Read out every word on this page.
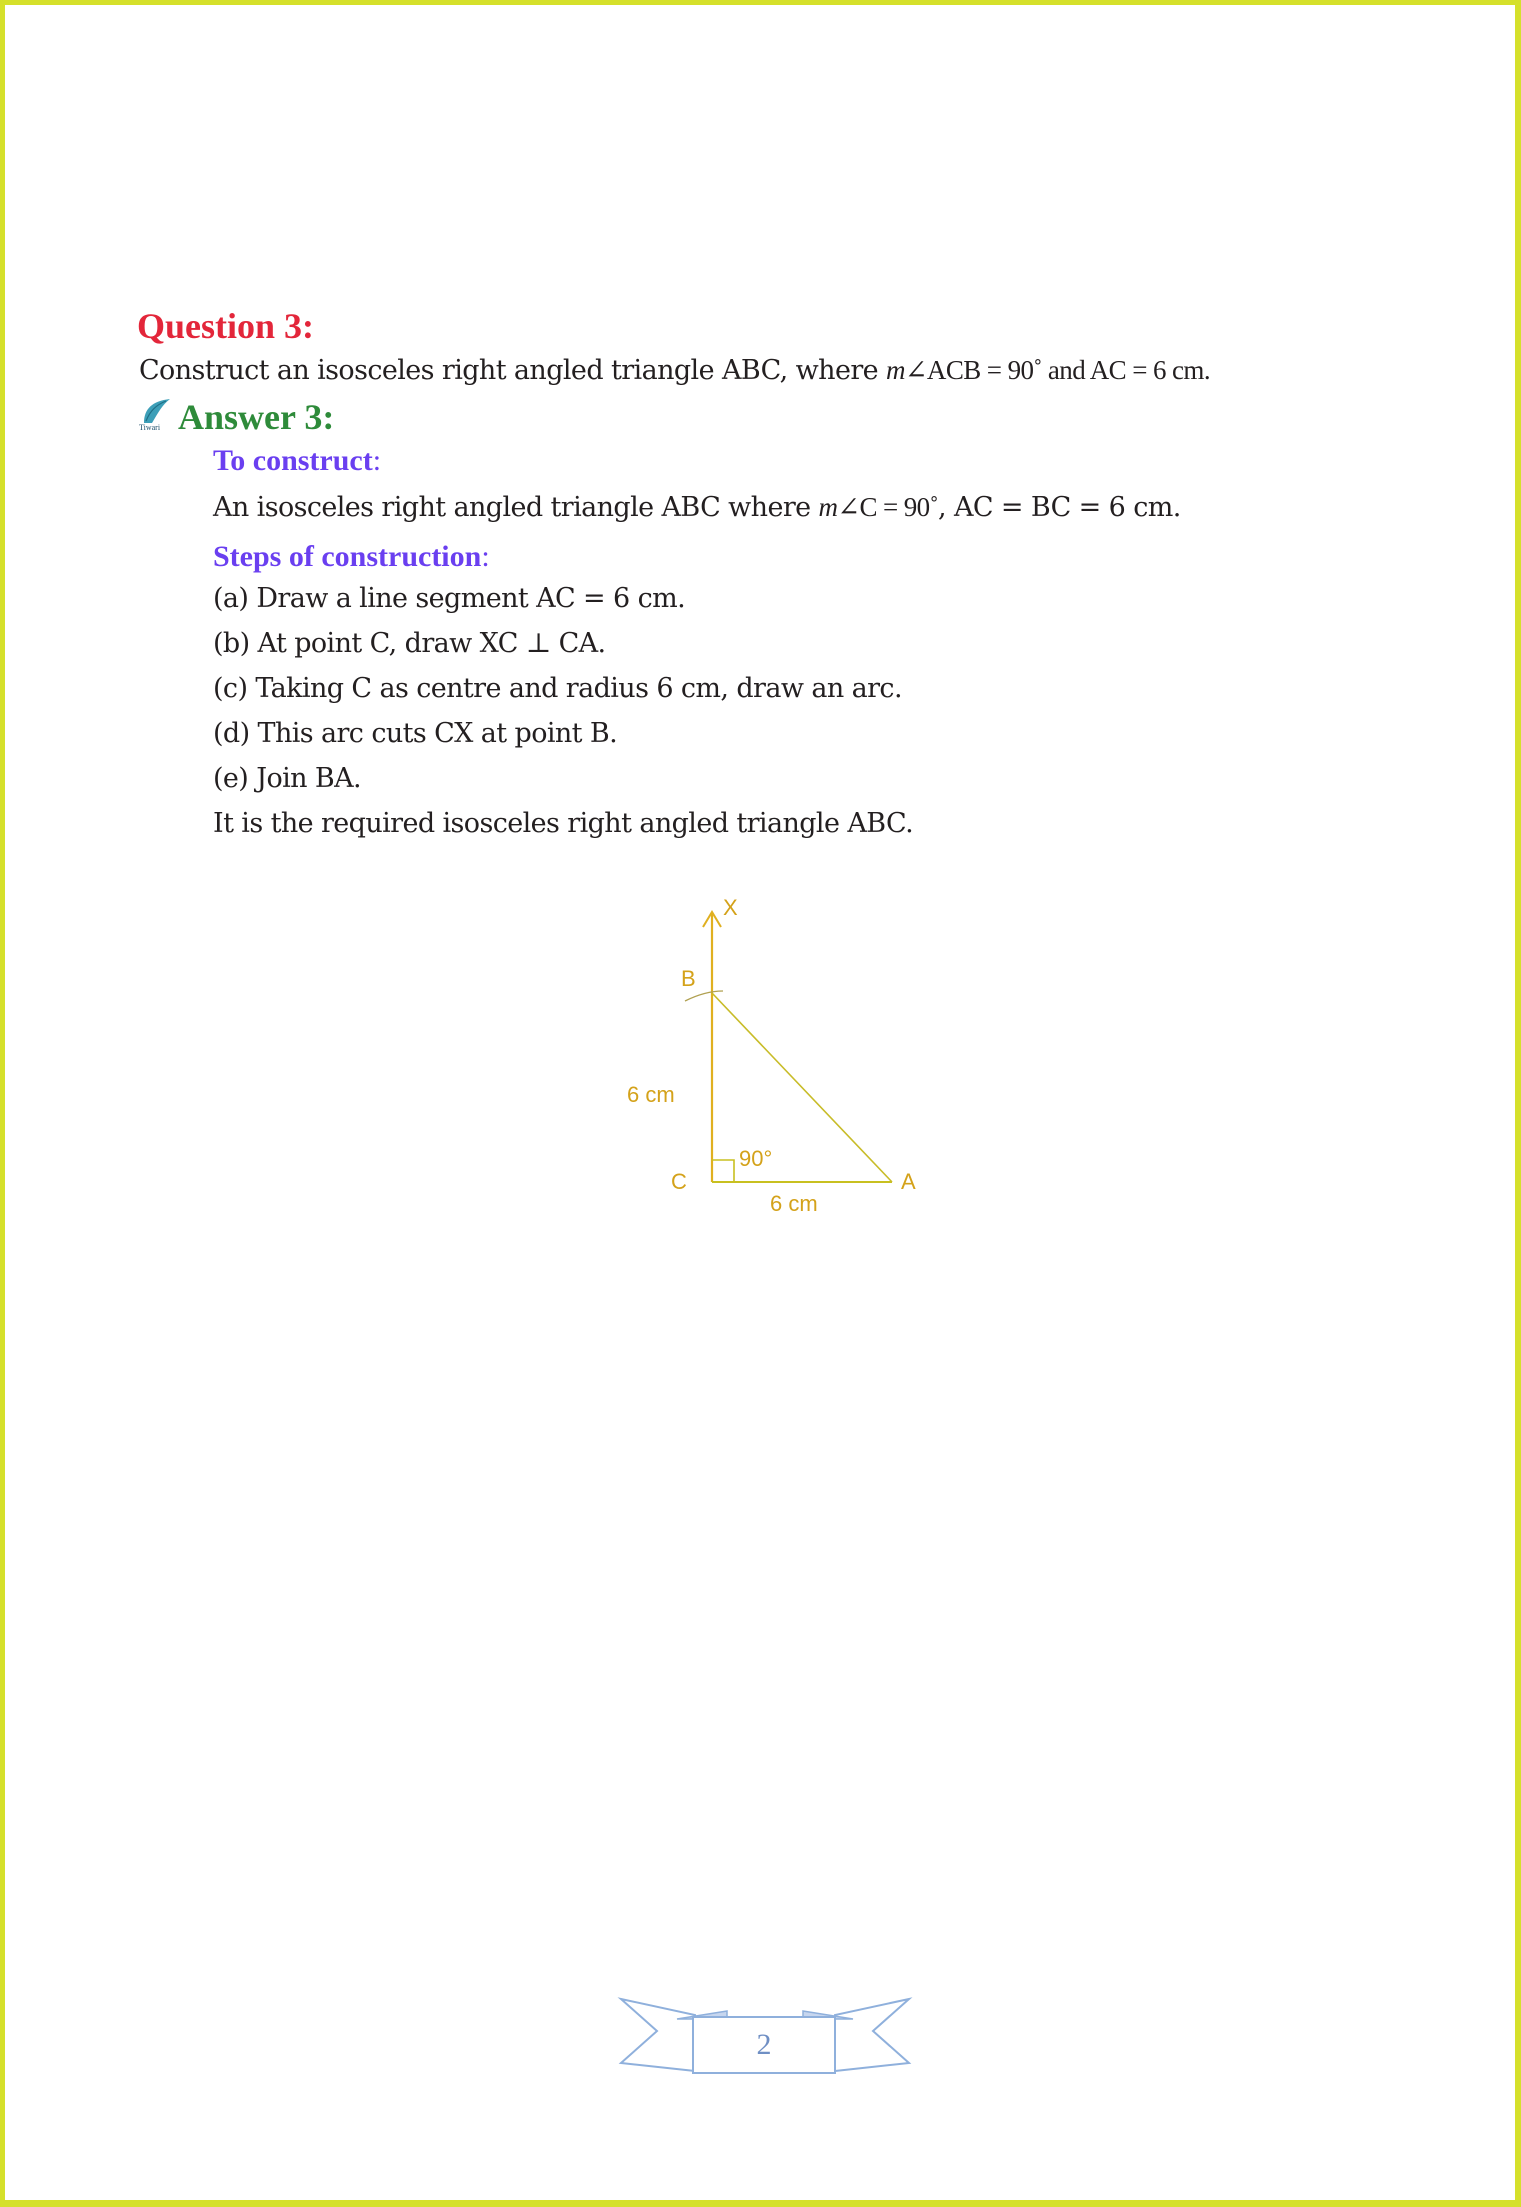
Question 3:
Construct an isosceles right angled triangle ABC, where m∠ACB = 90˚ and AC = 6 cm.
Tiwari Answer 3:
To construct:
An isosceles right angled triangle ABC where m∠C = 90˚, AC = BC = 6 cm.
Steps of construction:
(a) Draw a line segment AC = 6 cm.
(b) At point C, draw XC ⊥ CA.
(c) Taking C as centre and radius 6 cm, draw an arc.
(d) This arc cuts CX at point B.
(e) Join BA.
It is the required isosceles right angled triangle ABC.
X
B
C	A
6 cm
6 cm
90°
2
